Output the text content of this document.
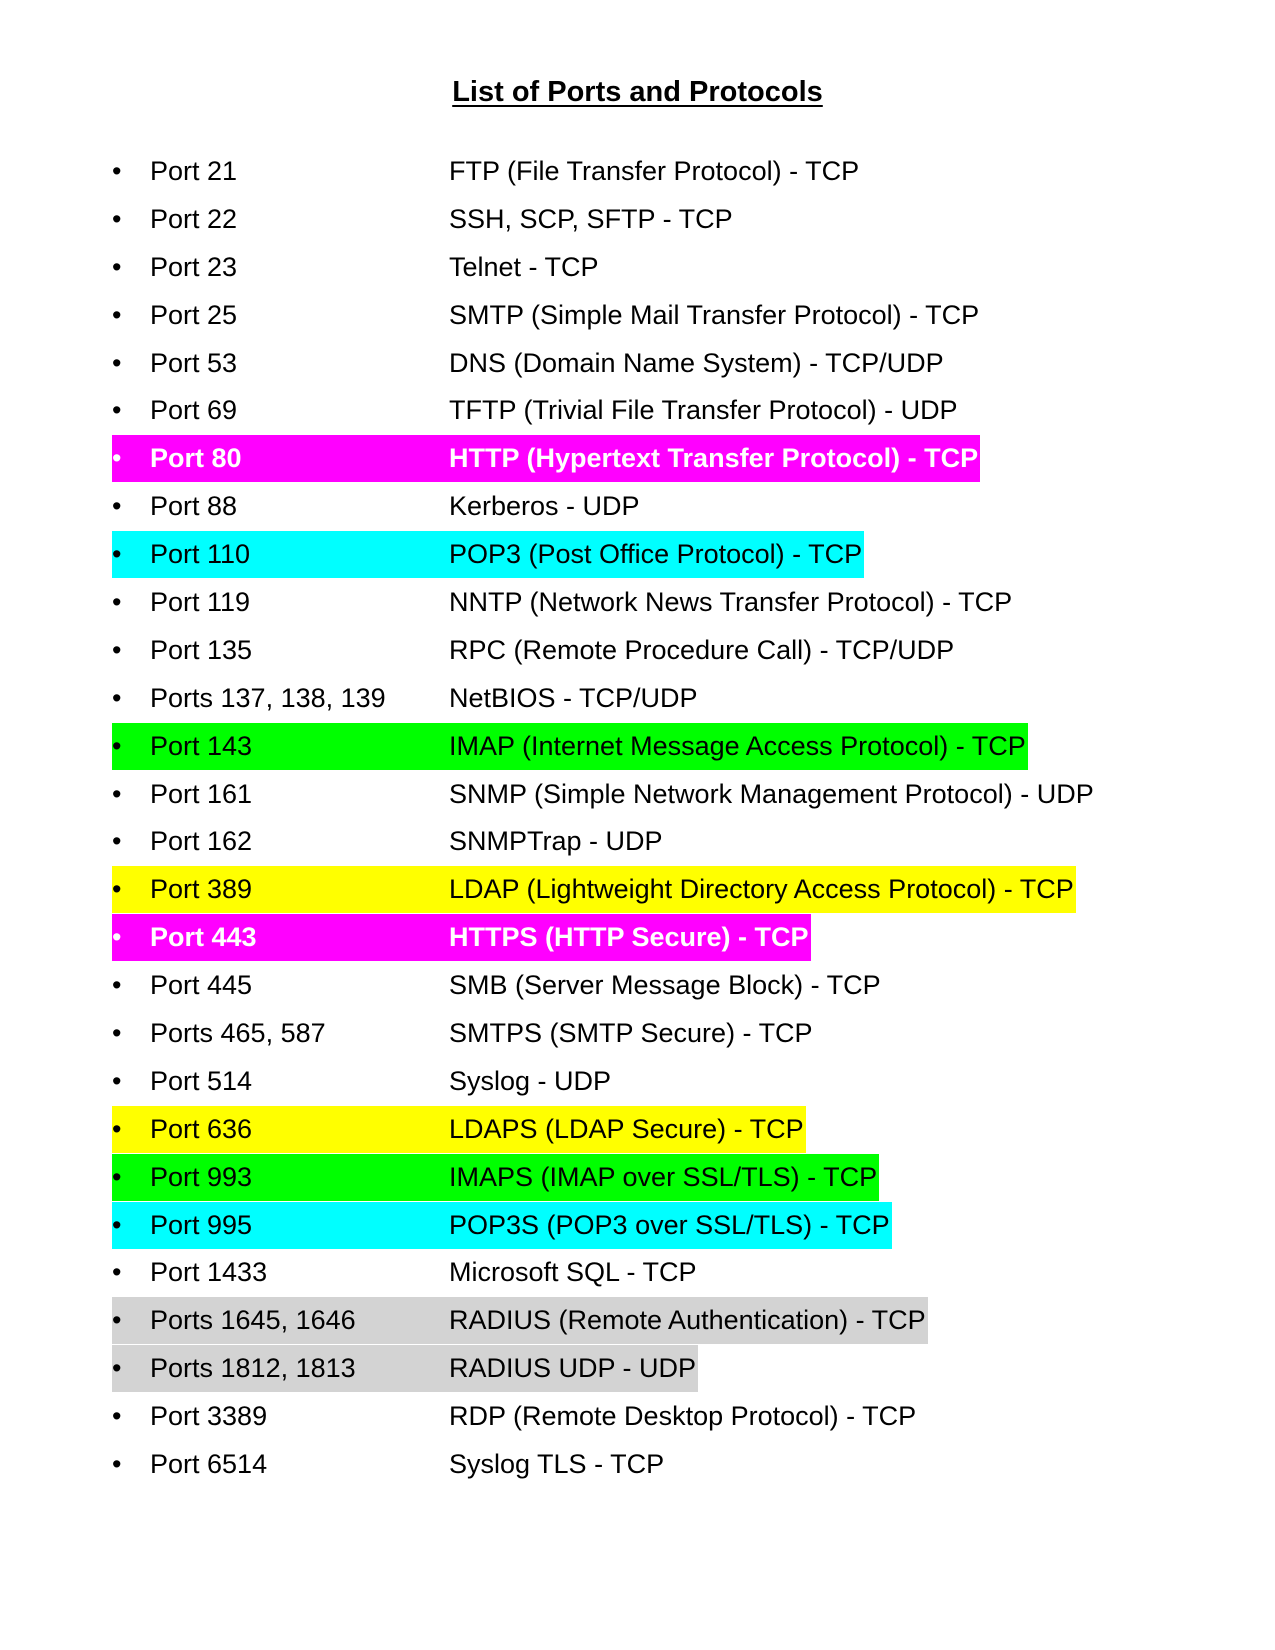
List of Ports and Protocols
• Port 21	FTP (File Transfer Protocol) - TCP
• Port 22	SSH, SCP, SFTP - TCP
• Port 23	Telnet - TCP
• Port 25	SMTP (Simple Mail Transfer Protocol) - TCP
• Port 53	DNS (Domain Name System) - TCP/UDP
• Port 69	TFTP (Trivial File Transfer Protocol) - UDP
• Port 80	HTTP (Hypertext Transfer Protocol) - TCP
• Port 88	Kerberos - UDP
• Port 110	POP3 (Post Office Protocol) - TCP
• Port 119	NNTP (Network News Transfer Protocol) - TCP
• Port 135	RPC (Remote Procedure Call) - TCP/UDP
• Ports 137, 138, 139 NetBIOS - TCP/UDP
• Port 143	IMAP (Internet Message Access Protocol) - TCP
• Port 161	SNMP (Simple Network Management Protocol) - UDP
• Port 162	SNMPTrap - UDP
• Port 389	LDAP (Lightweight Directory Access Protocol) - TCP
• Port 443	HTTPS (HTTP Secure) - TCP
• Port 445	SMB (Server Message Block) - TCP
• Ports 465, 587	SMTPS (SMTP Secure) - TCP
• Port 514	Syslog - UDP
• Port 636	LDAPS (LDAP Secure) - TCP
• Port 993	IMAPS (IMAP over SSL/TLS) - TCP
• Port 995	POP3S (POP3 over SSL/TLS) - TCP
• Port 1433	Microsoft SQL - TCP
• Ports 1645, 1646	RADIUS (Remote Authentication) - TCP
• Ports 1812, 1813	RADIUS UDP - UDP
• Port 3389	RDP (Remote Desktop Protocol) - TCP
• Port 6514	Syslog TLS - TCP
